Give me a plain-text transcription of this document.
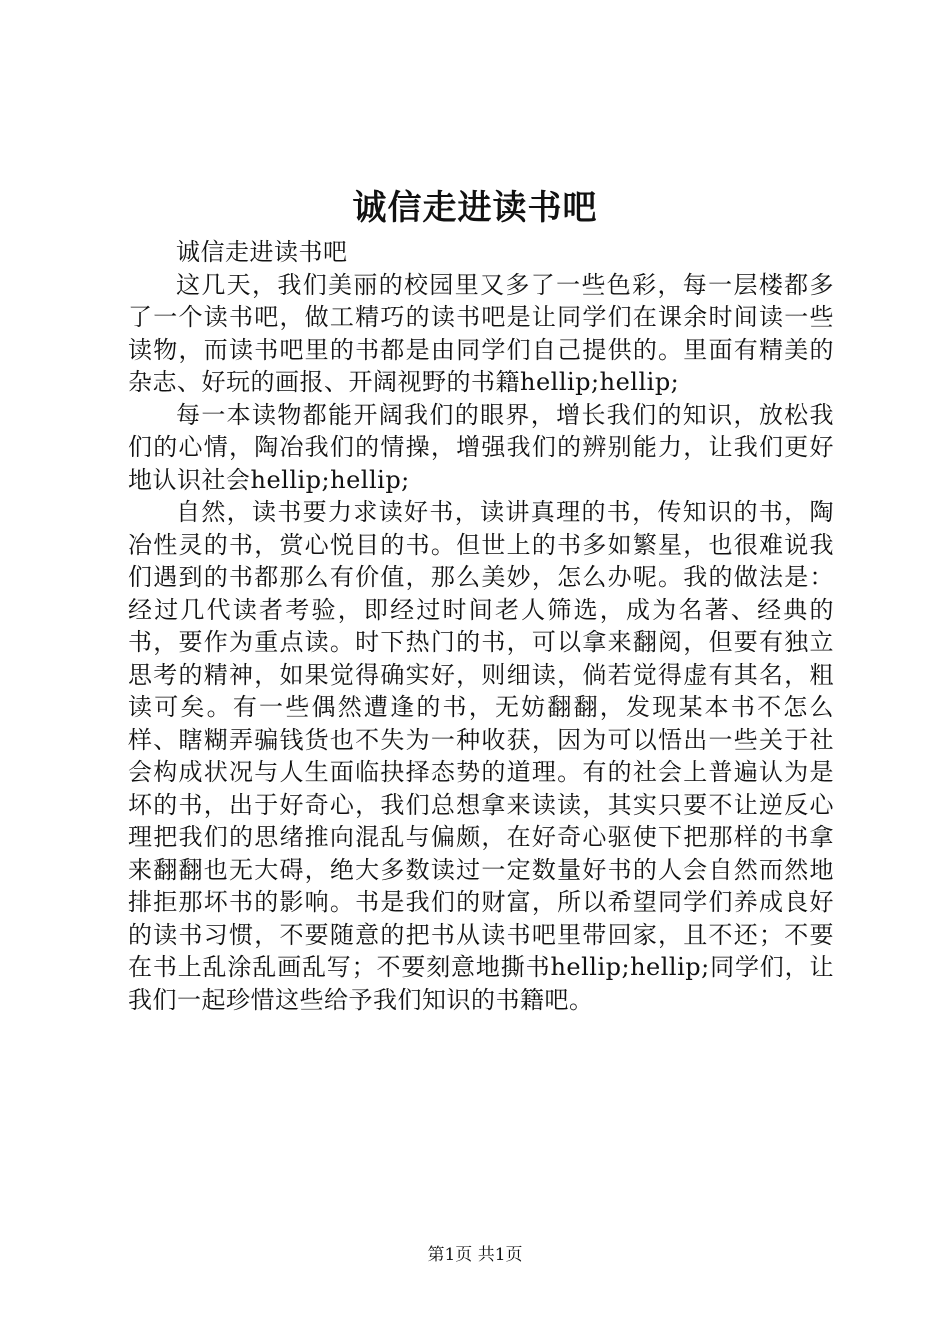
诚信走进读书吧

诚信走进读书吧

这几天，我们美丽的校园里又多了一些色彩，每一层楼都多了一个读书吧，做工精巧的读书吧是让同学们在课余时间读一些读物，而读书吧里的书都是由同学们自己提供的。里面有精美的杂志、好玩的画报、开阔视野的书籍hellip;hellip;

每一本读物都能开阔我们的眼界，增长我们的知识，放松我们的心情，陶冶我们的情操，增强我们的辨别能力，让我们更好地认识社会hellip;hellip;

自然，读书要力求读好书，读讲真理的书，传知识的书，陶冶性灵的书，赏心悦目的书。但世上的书多如繁星，也很难说我们遇到的书都那么有价值，那么美妙，怎么办呢。我的做法是：经过几代读者考验，即经过时间老人筛选，成为名著、经典的书，要作为重点读。时下热门的书，可以拿来翻阅，但要有独立思考的精神，如果觉得确实好，则细读，倘若觉得虚有其名，粗读可矣。有一些偶然遭逢的书，无妨翻翻，发现某本书不怎么样、瞎糊弄骗钱货也不失为一种收获，因为可以悟出一些关于社会构成状况与人生面临抉择态势的道理。有的社会上普遍认为是坏的书，出于好奇心，我们总想拿来读读，其实只要不让逆反心理把我们的思绪推向混乱与偏颇，在好奇心驱使下把那样的书拿来翻翻也无大碍，绝大多数读过一定数量好书的人会自然而然地排拒那坏书的影响。书是我们的财富，所以希望同学们养成良好的读书习惯，不要随意的把书从读书吧里带回家，且不还；不要在书上乱涂乱画乱写；不要刻意地撕书hellip;hellip;同学们，让我们一起珍惜这些给予我们知识的书籍吧。

第1页 共1页
